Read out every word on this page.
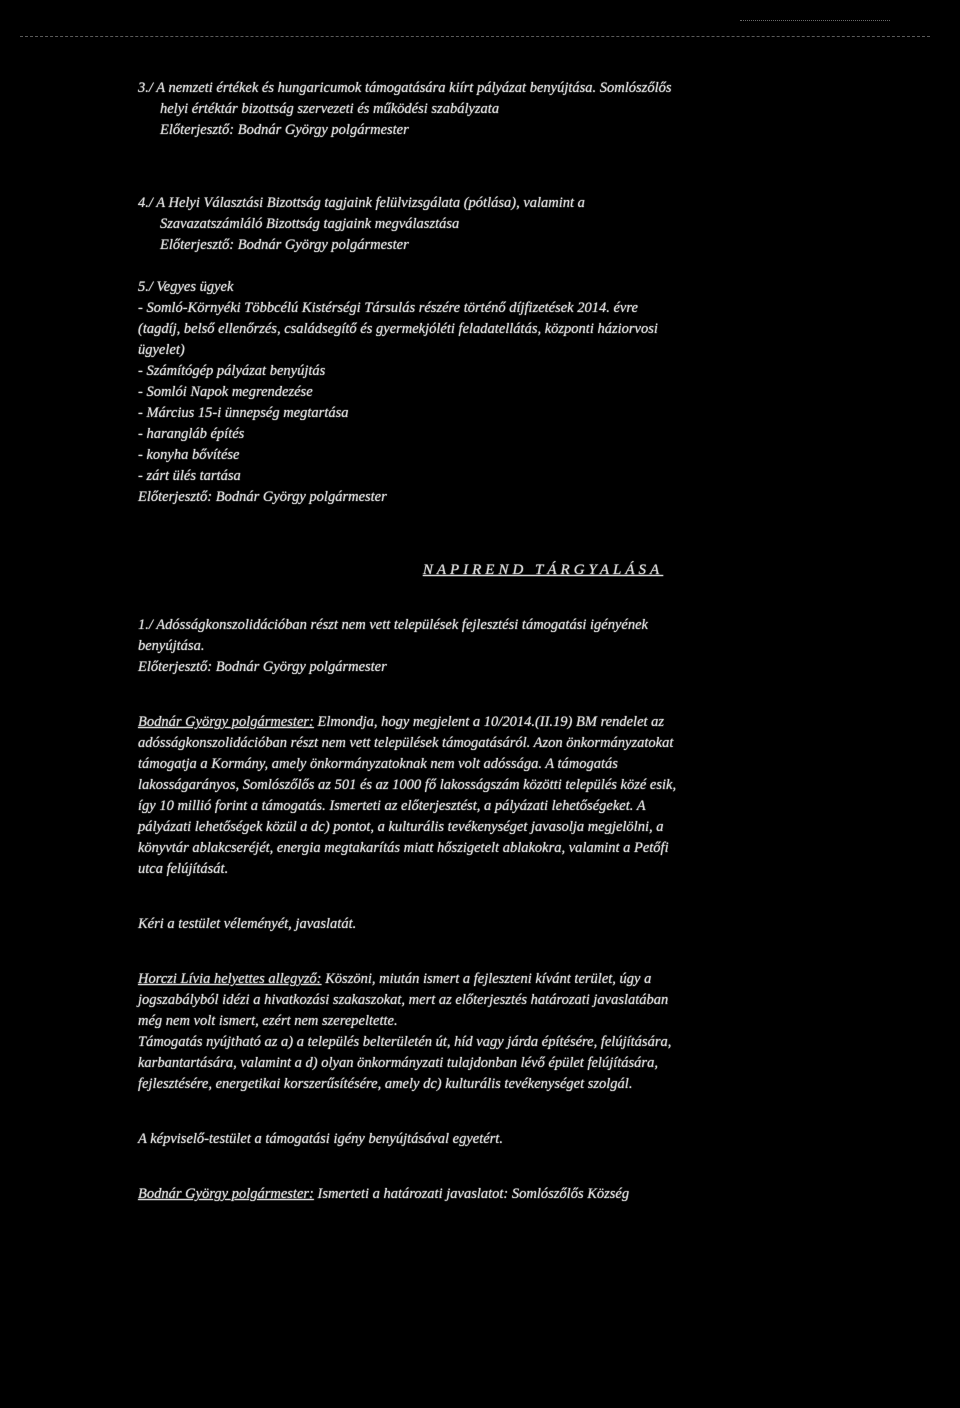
3./ A nemzeti értékek és hungaricumok támogatására kiírt pályázat benyújtása. Somlószőlős
helyi értéktár bizottság szervezeti és működési szabályzata
Előterjesztő: Bodnár György polgármester
4./ A Helyi Választási Bizottság tagjaink felülvizsgálata (pótlása), valamint a
Szavazatszámláló Bizottság tagjaink megválasztása
Előterjesztő: Bodnár György polgármester
5./ Vegyes ügyek
- Somló-Környéki Többcélú Kistérségi Társulás részére történő díjfizetések 2014. évre
(tagdíj, belső ellenőrzés, családsegítő és gyermekjóléti feladatellátás, központi háziorvosi
ügyelet)
- Számítógép pályázat benyújtás
- Somlói Napok megrendezése
- Március 15-i ünnepség megtartása
- harangláb építés
- konyha bővítése
- zárt ülés tartása
Előterjesztő: Bodnár György polgármester
NAPIREND TÁRGYALÁSA
1./ Adósságkonszolidációban részt nem vett települések fejlesztési támogatási igényének
benyújtása.
Előterjesztő: Bodnár György polgármester
Bodnár György polgármester: Elmondja, hogy megjelent a 10/2014.(II.19) BM rendelet az
adósságkonszolidációban részt nem vett települések támogatásáról. Azon önkormányzatokat
támogatja a Kormány, amely önkormányzatoknak nem volt adóssága. A támogatás
lakosságarányos, Somlószőlős az 501 és az 1000 fő lakosságszám közötti település közé esik,
így 10 millió forint a támogatás. Ismerteti az előterjesztést, a pályázati lehetőségeket. A
pályázati lehetőségek közül a dc) pontot, a kulturális tevékenységet javasolja megjelölni, a
könyvtár ablakcseréjét, energia megtakarítás miatt hőszigetelt ablakokra, valamint a Petőfi
utca felújítását.
Kéri a testület véleményét, javaslatát.
Horczi Lívia helyettes allegyző: Köszöni, miután ismert a fejleszteni kívánt terület, úgy a
jogszabályból idézi a hivatkozási szakaszokat, mert az előterjesztés határozati javaslatában
még nem volt ismert, ezért nem szerepeltette.
Támogatás nyújtható az a) a település belterületén út, híd vagy járda építésére, felújítására,
karbantartására, valamint a d) olyan önkormányzati tulajdonban lévő épület felújítására,
fejlesztésére, energetikai korszerűsítésére, amely dc) kulturális tevékenységet szolgál.
A képviselő-testület a támogatási igény benyújtásával egyetért.
Bodnár György polgármester: Ismerteti a határozati javaslatot: Somlószőlős Község
